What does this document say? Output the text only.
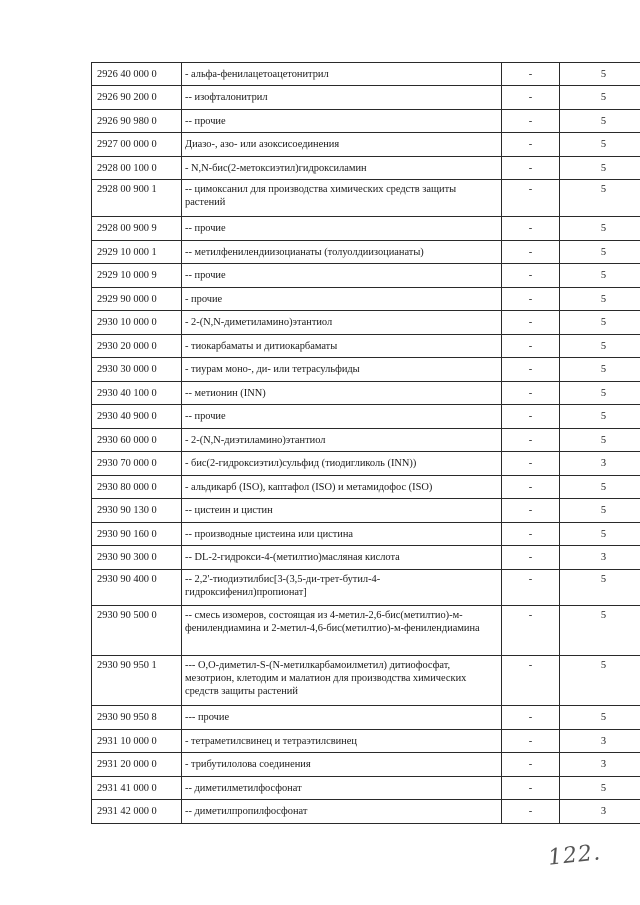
2926 40 000 0	- альфа-фенилацетоацетонитрил	-	5
2926 90 200 0	-- изофталонитрил	-	5
2926 90 980 0	-- прочие	-	5
2927 00 000 0	Диазо-, азо- или азоксисоединения	-	5
2928 00 100 0	- N,N-бис(2-метоксиэтил)гидроксиламин	-	5
2928 00 900 1	-- цимоксанил для производства химических средств защиты растений	-	5
2928 00 900 9	-- прочие	-	5
2929 10 000 1	-- метилфенилендиизоцианаты (толуолдиизоцианаты)	-	5
2929 10 000 9	-- прочие	-	5
2929 90 000 0	- прочие	-	5
2930 10 000 0	- 2-(N,N-диметиламино)этантиол	-	5
2930 20 000 0	- тиокарбаматы и дитиокарбаматы	-	5
2930 30 000 0	- тиурам моно-, ди- или тетрасульфиды	-	5
2930 40 100 0	-- метионин (INN)	-	5
2930 40 900 0	-- прочие	-	5
2930 60 000 0	- 2-(N,N-диэтиламино)этантиол	-	5
2930 70 000 0	- бис(2-гидроксиэтил)сульфид (тиодигликоль (INN))	-	3
2930 80 000 0	- альдикарб (ISO), каптафол (ISO) и метамидофос (ISO)	-	5
2930 90 130 0	-- цистеин и цистин	-	5
2930 90 160 0	-- производные цистеина или цистина	-	5
2930 90 300 0	-- DL-2-гидрокси-4-(метилтио)масляная кислота	-	3
2930 90 400 0	-- 2,2'-тиодиэтилбис[3-(3,5-ди-трет-бутил-4-гидроксифенил)пропионат]	-	5
2930 90 500 0	-- смесь изомеров, состоящая из 4-метил-2,6-бис(метилтио)-м-фенилендиамина и 2-метил-4,6-бис(метилтио)-м-фенилендиамина	-	5
2930 90 950 1	--- О,О-диметил-S-(N-метилкарбамоилметил) дитиофосфат, мезотрион, клетодим и малатион для производства химических средств защиты растений	-	5
2930 90 950 8	--- прочие	-	5
2931 10 000 0	- тетраметилсвинец и тетраэтилсвинец	-	3
2931 20 000 0	- трибутилолова соединения	-	3
2931 41 000 0	-- диметилметилфосфонат	-	5
2931 42 000 0	-- диметилпропилфосфонат	-	3
122.
